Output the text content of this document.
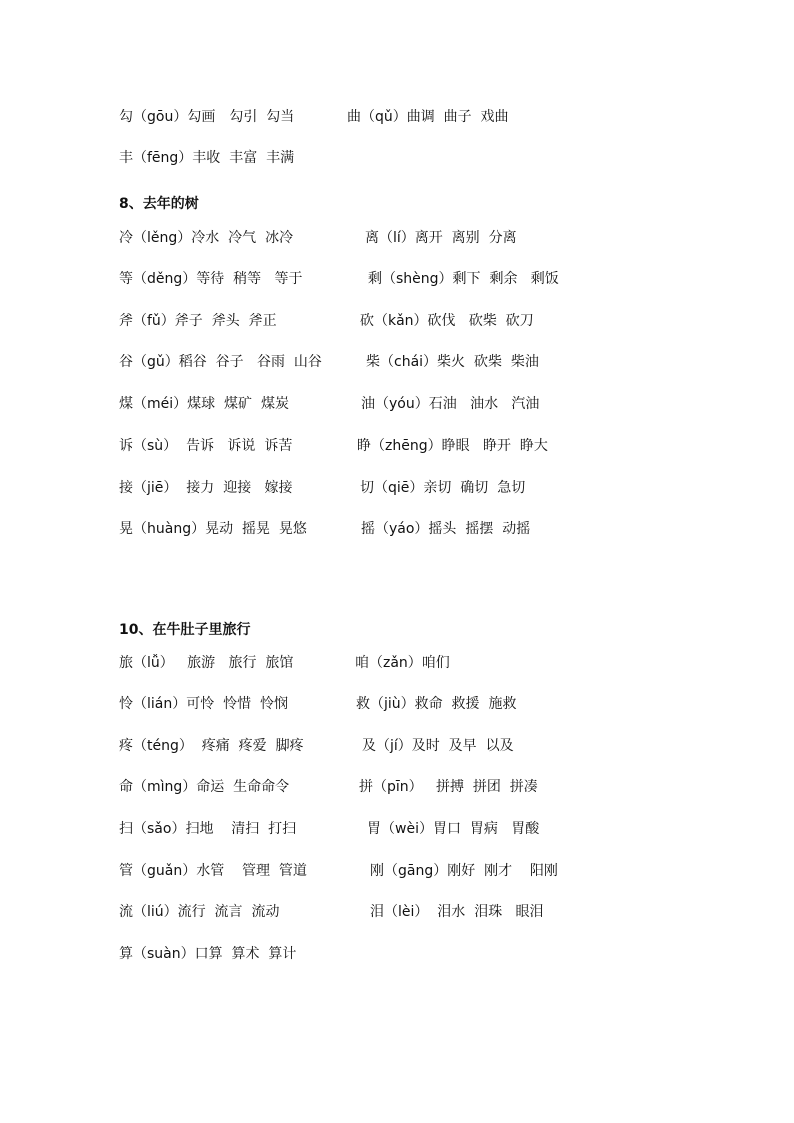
勾（gōu）勾画　勾引  勾当	曲（qǔ）曲调  曲子  戏曲
丰（fēng）丰收  丰富  丰满
8、去年的树
冷（lěng）冷水  冷气  冰冷	离（lí）离开  离别  分离
等（děng）等待  稍等   等于	剩（shèng）剩下  剩余   剩饭
斧（fǔ）斧子  斧头  斧正	砍（kǎn）砍伐   砍柴  砍刀
谷（gǔ）稻谷  谷子   谷雨  山谷	柴（chái）柴火  砍柴  柴油
煤（méi）煤球  煤矿  煤炭	油（yóu）石油   油水   汽油
诉（sù）  告诉   诉说  诉苦	睁（zhēng）睁眼   睁开  睁大
接（jiē）  接力  迎接   嫁接	切（qiē）亲切  确切  急切
晃（huàng）晃动  摇晃  晃悠	摇（yáo）摇头  摇摆  动摇
10、在牛肚子里旅行
旅（lǚ）   旅游   旅行  旅馆	咱（zǎn）咱们
怜（lián）可怜  怜惜  怜悯	救（jiù）救命  救援  施救
疼（téng）  疼痛  疼爱  脚疼	及（jí）及时  及早  以及
命（mìng）命运  生命命令	拼（pīn）   拼搏  拼团  拼凑
扫（sǎo）扫地    清扫  打扫	胃（wèi）胃口  胃病   胃酸
管（guǎn）水管    管理  管道	刚（gāng）刚好  刚才    阳刚
流（liú）流行  流言  流动	泪（lèi）  泪水  泪珠   眼泪
算（suàn）口算  算术  算计
